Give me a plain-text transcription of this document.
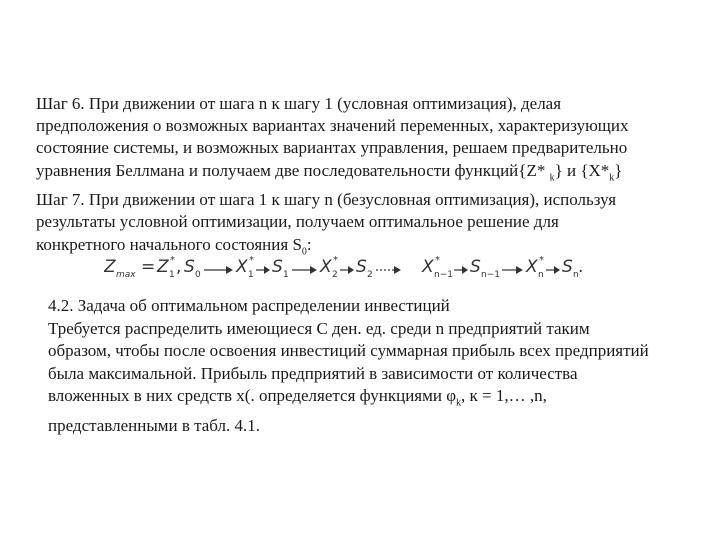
Шаг 6. При движении от шага n к шагу 1 (условная оптимизация), делая

предположения о возможных вариантах значений переменных, характеризующих

состояние системы, и возможных вариантах управления, решаем предварительно

уравнения Беллмана и получаем две последовательности функций{Z* $_k$} и $\{X*_k\}$

Шаг 7. При движении от шага 1 к шагу n (безусловная оптимизация), используя

результаты условной оптимизации, получаем оптимальное решение для

конкретного начального состояния $S_0$:

Z max = Z 1
* , S 0 X 1
* S 1 X 2
* S 2	X n−1
* S n−1 X n
* S n .

4.2. Задача об оптимальном распределении инвестиций

Требуется распределить имеющиеся C ден. ед. среди n предприятий таким

образом, чтобы после освоения инвестиций суммарная прибыль всех предприятий

была максимальной. Прибыль предприятий в зависимости от количества

вложенных в них средств x(. определяется функциями $\varphi_k$, к = 1,… ,n,

представленными в табл. 4.1.
